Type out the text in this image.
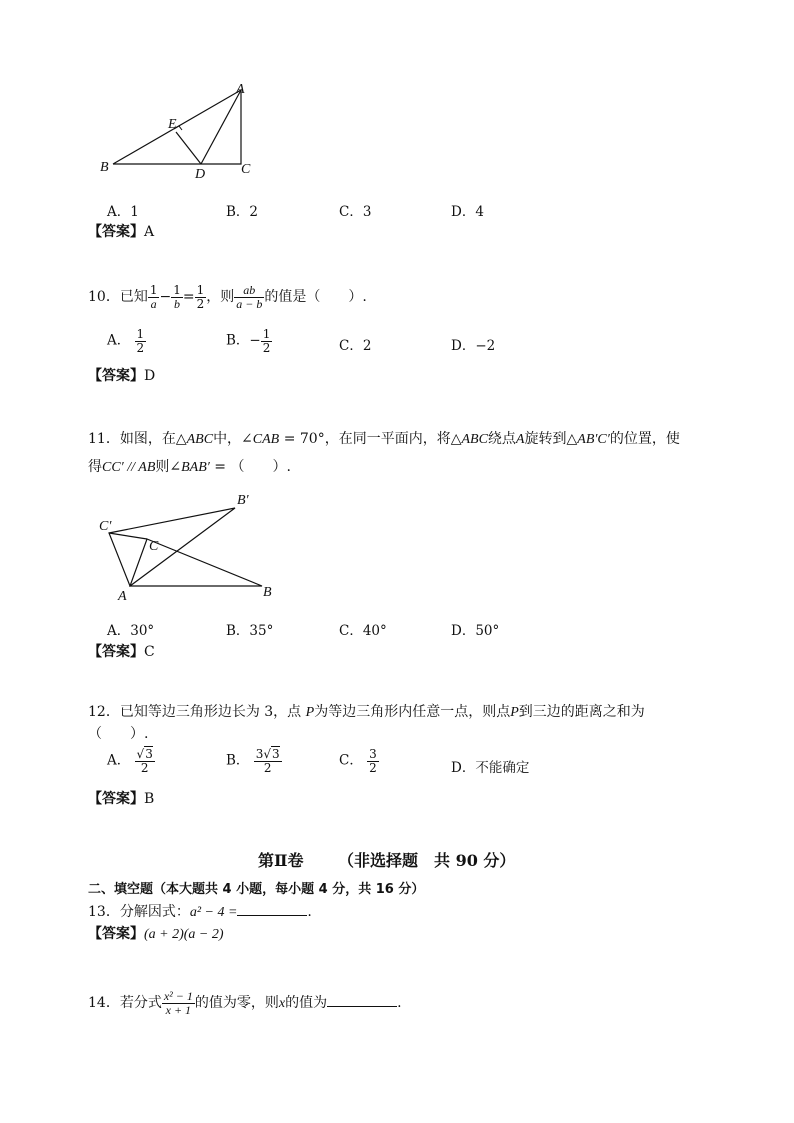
A
E
B	D	C
A．1	B．2	C．3	D．4
【答案】A
10．已知 $\frac{1}{a} - \frac{1}{b} = \frac{1}{2}$ ，则 $\frac{ab}{a - b}$ 的值是（　　）.
A． $\frac{1}{2}$	B．− $\frac{1}{2}$	C．2	D．−2
【答案】D
11．如图，在△ABC中，∠CAB = 70°，在同一平面内，将△ABC绕点A旋转到△AB′C′的位置，使
得CC′ // AB则∠BAB′ = （　　）.
B′
C′
C
A	B
A．30°	B．35°	C．40°	D．50°
【答案】C
12．已知等边三角形边长为 3，点 P为等边三角形内任意一点，则点P到三边的距离之和为
（　　）.
A． $\frac{√3}{2}$	B． $\frac{3√3}{2}$	C． $\frac{3}{2}$	D．不能确定
【答案】B
第Ⅱ卷 （非选择题　共 90 分）
二、填空题（本大题共 4 小题，每小题 4 分，共 16 分）
13．分解因式：a² − 4 =	.
【答案】(a + 2)(a − 2)
14．若分式 $\frac{\text{x² − 1}}{x + 1}$ 的值为零，则x的值为	.
